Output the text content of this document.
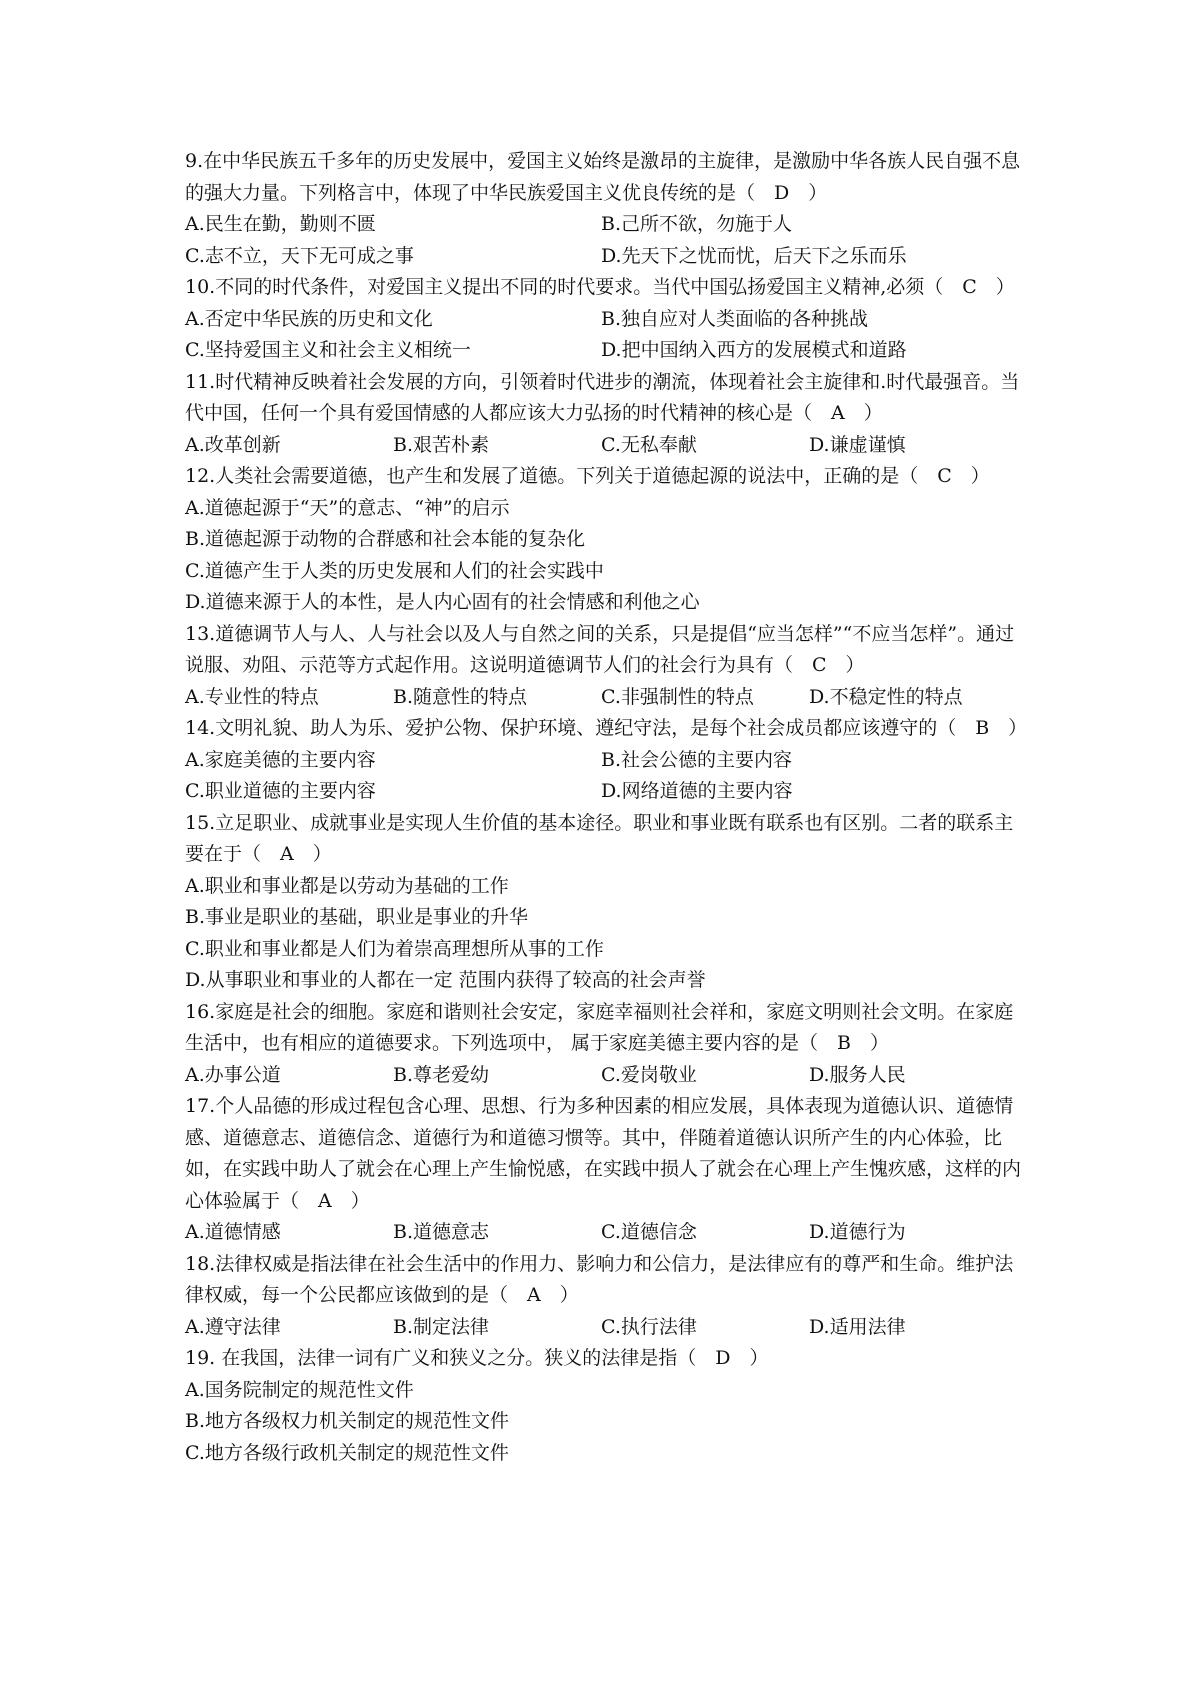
9.在中华民族五千多年的历史发展中，爱国主义始终是激昂的主旋律，是激励中华各族人民自强不息的强大力量。下列格言中，体现了中华民族爱国主义优良传统的是（　D　）

A.民生在勤，勤则不匮	B.己所不欲，勿施于人
C.志不立，天下无可成之事	D.先天下之忧而忧，后天下之乐而乐

10.不同的时代条件，对爱国主义提出不同的时代要求。当代中国弘扬爱国主义精神,必须（　C　）

A.否定中华民族的历史和文化	B.独自应对人类面临的各种挑战
C.坚持爱国主义和社会主义相统一	D.把中国纳入西方的发展模式和道路

11.时代精神反映着社会发展的方向，引领着时代进步的潮流，体现着社会主旋律和.时代最强音。当代中国，任何一个具有爱国情感的人都应该大力弘扬的时代精神的核心是（　A　）

A.改革创新	B.艰苦朴素	C.无私奉献	D.谦虚谨慎

12.人类社会需要道德，也产生和发展了道德。下列关于道德起源的说法中，正确的是（　C　）

A.道德起源于“天”的意志、“神”的启示
B.道德起源于动物的合群感和社会本能的复杂化
C.道德产生于人类的历史发展和人们的社会实践中
D.道德来源于人的本性，是人内心固有的社会情感和利他之心

13.道德调节人与人、人与社会以及人与自然之间的关系，只是提倡“应当怎样”“不应当怎样”。通过说服、劝阻、示范等方式起作用。这说明道德调节人们的社会行为具有（　C　）

A.专业性的特点	B.随意性的特点	C.非强制性的特点	D.不稳定性的特点

14.文明礼貌、助人为乐、爱护公物、保护环境、遵纪守法，是每个社会成员都应该遵守的（　B　）

A.家庭美德的主要内容	B.社会公德的主要内容
C.职业道德的主要内容	D.网络道德的主要内容

15.立足职业、成就事业是实现人生价值的基本途径。职业和事业既有联系也有区别。二者的联系主要在于（　A　）

A.职业和事业都是以劳动为基础的工作
B.事业是职业的基础，职业是事业的升华
C.职业和事业都是人们为着崇高理想所从事的工作
D.从事职业和事业的人都在一定 范围内获得了较高的社会声誉

16.家庭是社会的细胞。家庭和谐则社会安定，家庭幸福则社会祥和，家庭文明则社会文明。在家庭生活中，也有相应的道德要求。下列选项中， 属于家庭美德主要内容的是（　B　）

A.办事公道	B.尊老爱幼	C.爱岗敬业	D.服务人民

17.个人品德的形成过程包含心理、思想、行为多种因素的相应发展，具体表现为道德认识、道德情感、道德意志、道德信念、道德行为和道德习惯等。其中，伴随着道德认识所产生的内心体验，比如，在实践中助人了就会在心理上产生愉悦感，在实践中损人了就会在心理上产生愧疚感，这样的内心体验属于（　A　）

A.道德情感	B.道德意志	C.道德信念	D.道德行为

18.法律权威是指法律在社会生活中的作用力、影响力和公信力，是法律应有的尊严和生命。维护法律权威，每一个公民都应该做到的是（　A　）

A.遵守法律	B.制定法律	C.执行法律	D.适用法律

19. 在我国，法律一词有广义和狭义之分。狭义的法律是指（　D　）

A.国务院制定的规范性文件
B.地方各级权力机关制定的规范性文件
C.地方各级行政机关制定的规范性文件
